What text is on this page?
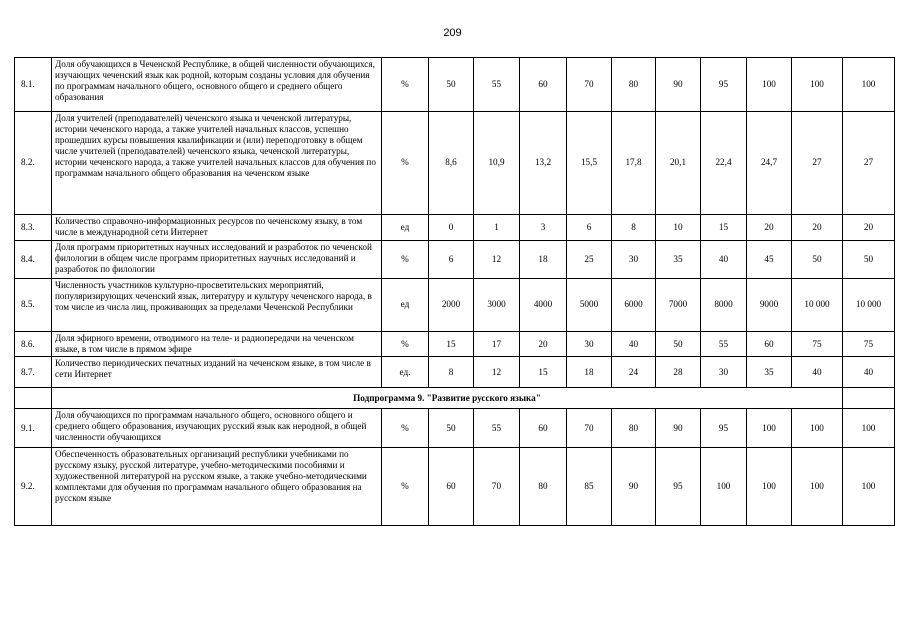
209
8.1.	Доля обучающихся в Чеченской Республике, в общей численности обучающихся, изучающих чеченский язык как родной, которым созданы условия для обучения по программам начального общего, основного общего и среднего общего образования	%	50	55	60	70	80	90	95	100	100	100
8.2.	Доля учителей (преподавателей) чеченского языка и чеченской литературы, истории чеченского народа, а также учителей начальных классов, успешно прошедших курсы повышения квалификации и (или) переподготовку в общем числе учителей (преподавателей) чеченского языка, чеченской литературы, истории чеченского народа, а также учителей начальных классов для обучения по программам начального общего образования на чеченском языке	%	8,6	10,9	13,2	15,5	17,8	20,1	22,4	24,7	27	27
8.3.	Количество справочно-информационных ресурсов по чеченскому языку, в том числе в международной сети Интернет	ед	0	1	3	6	8	10	15	20	20	20
8.4.	Доля программ приоритетных научных исследований и разработок по чеченской филологии в общем числе программ приоритетных научных исследований и разработок по филологии	%	6	12	18	25	30	35	40	45	50	50
8.5.	Численность участников культурно-просветительских мероприятий, популяризирующих чеченский язык, литературу и культуру чеченского народа, в том числе из числа лиц, проживающих за пределами Чеченской Республики	ед	2000	3000	4000	5000	6000	7000	8000	9000	10 000	10 000
8.6.	Доля эфирного времени, отводимого на теле- и радиопередачи на чеченском языке, в том числе в прямом эфире	%	15	17	20	30	40	50	55	60	75	75
8.7.	Количество периодических печатных изданий на чеченском языке, в том числе в сети Интернет	ед.	8	12	15	18	24	28	30	35	40	40
	Подпрограмма 9. "Развитие русского языка"											
9.1.	Доля обучающихся по программам начального общего, основного общего и среднего общего образования, изучающих русский язык как неродной, в общей численности обучающихся	%	50	55	60	70	80	90	95	100	100	100
9.2.	Обеспеченность образовательных организаций республики учебниками по русскому языку, русской литературе, учебно-методическими пособиями и художественной литературой на русском языке, а также учебно-методическими комплектами для обучения по программам начального общего образования на русском языке	%	60	70	80	85	90	95	100	100	100	100
